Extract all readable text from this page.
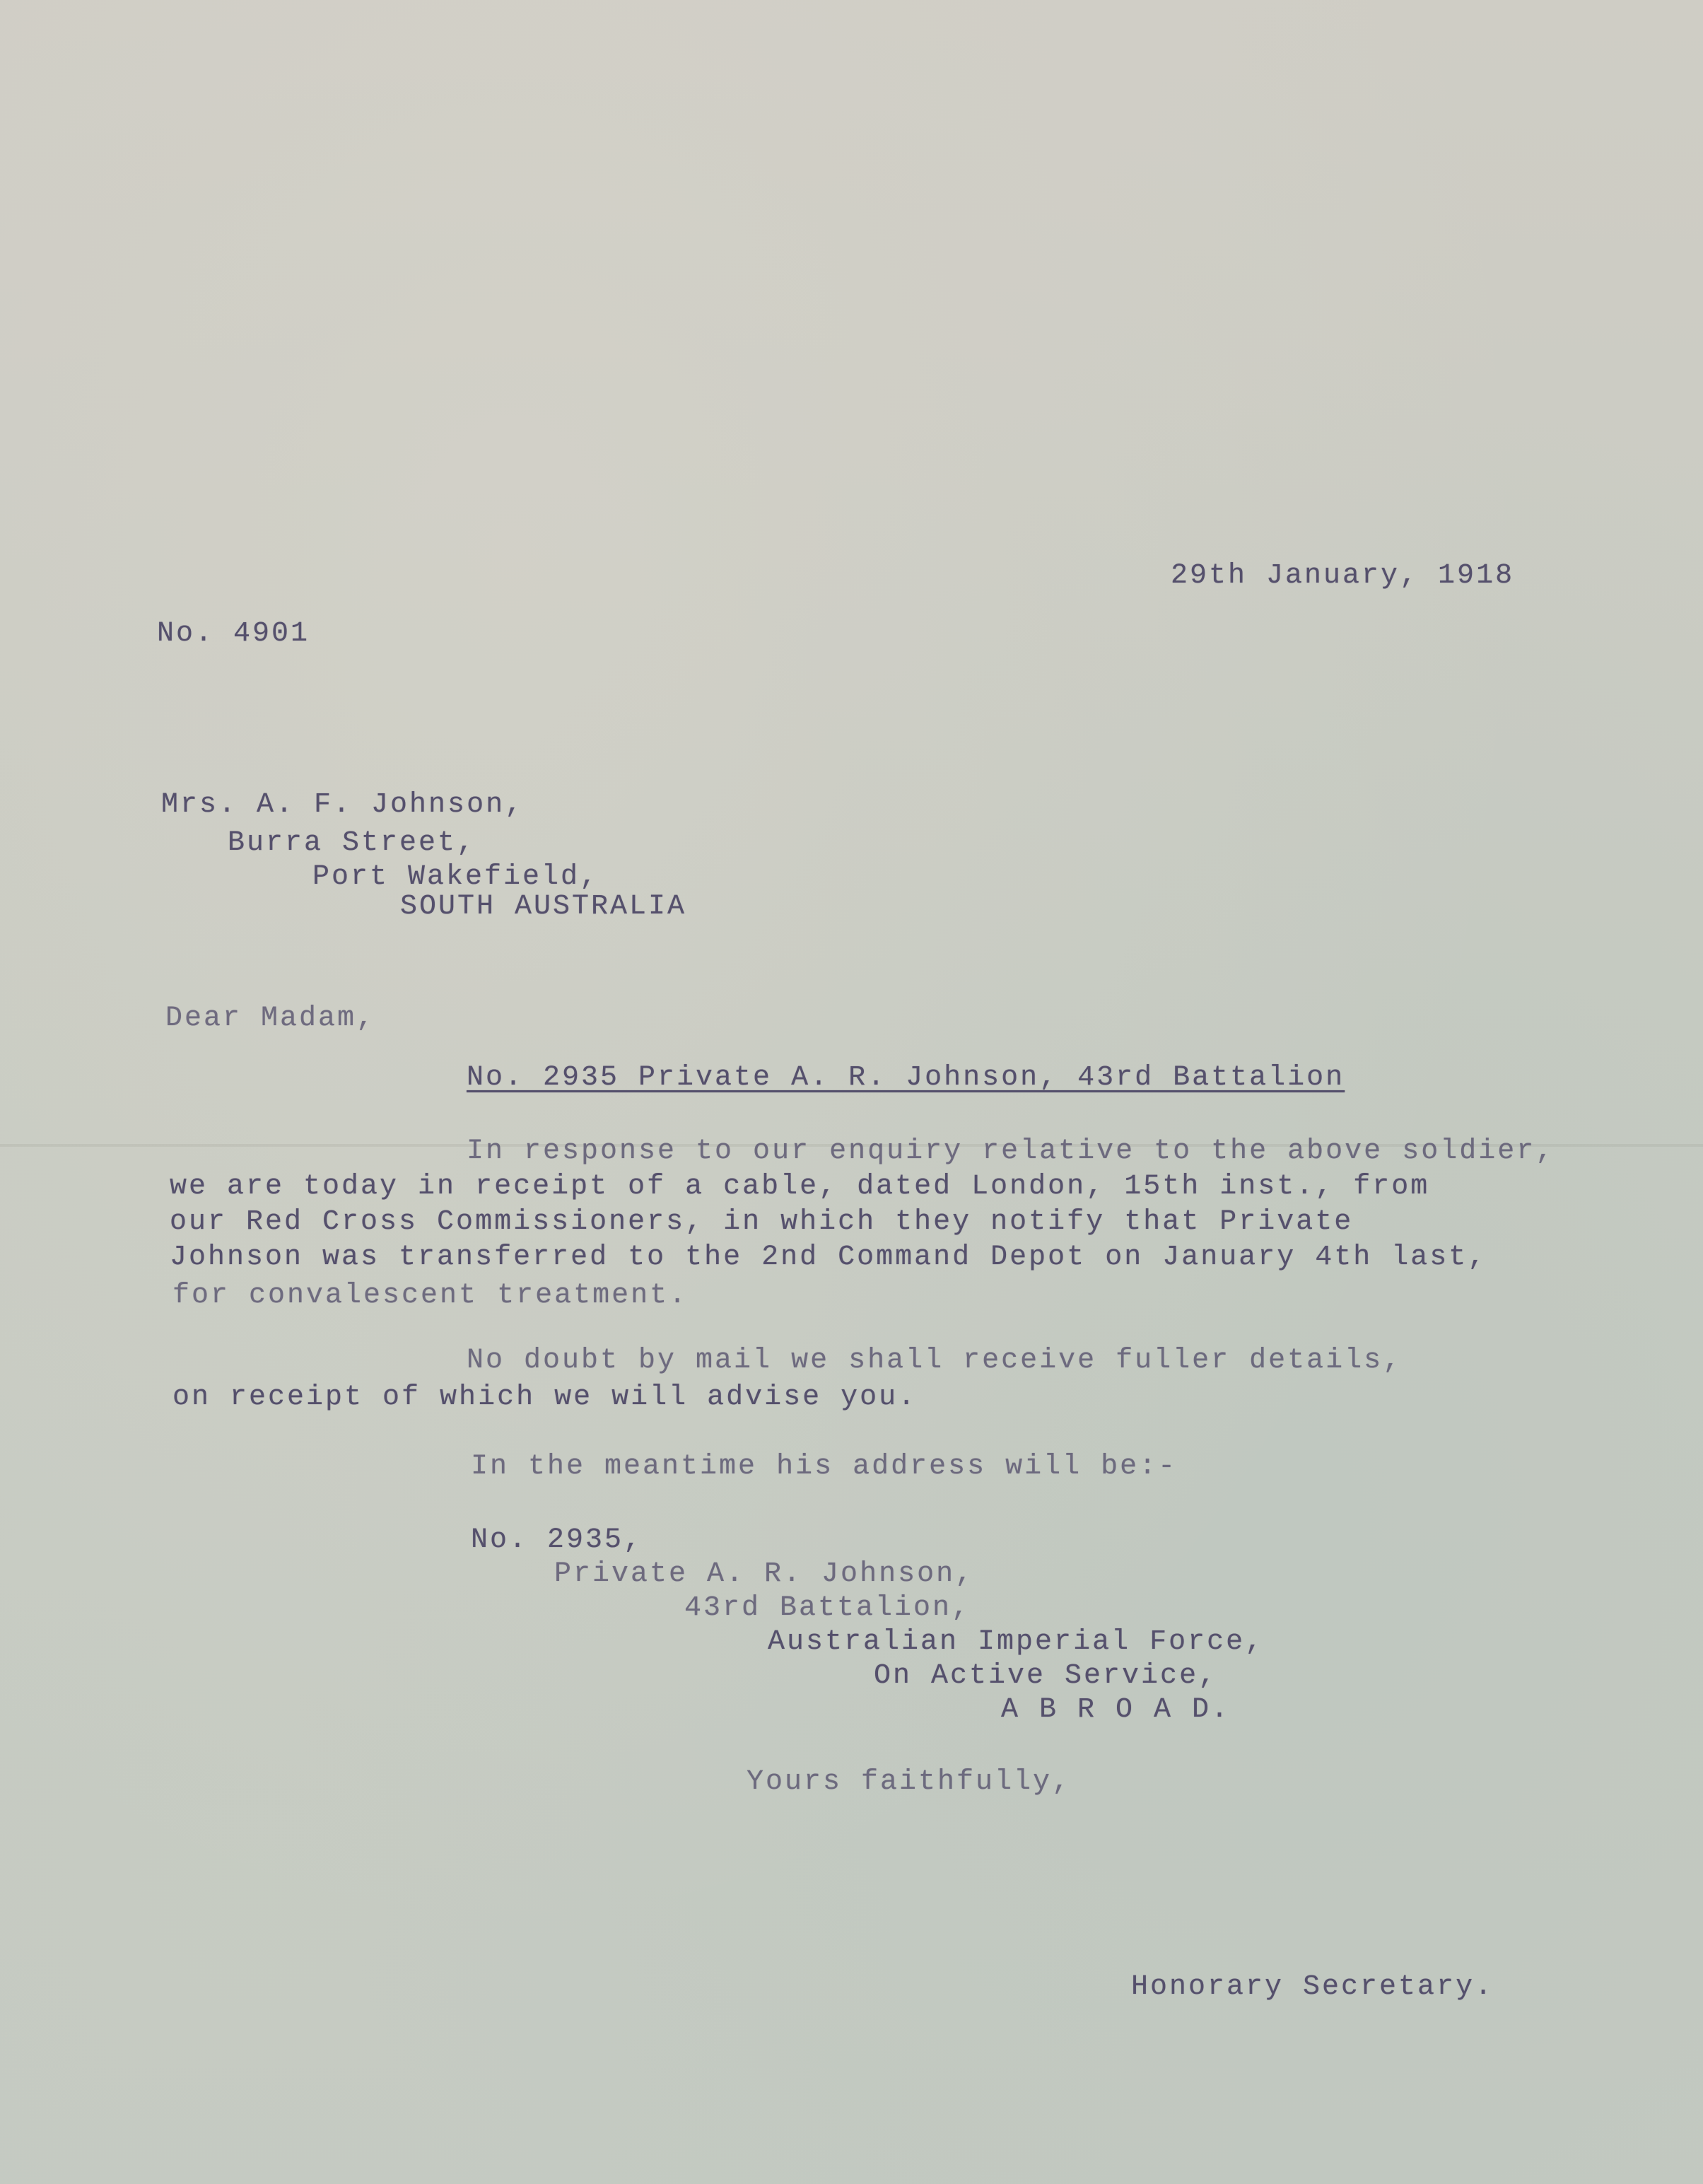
29th January, 1918

No. 4901

Mrs. A. F. Johnson,

Burra Street,

Port Wakefield,

SOUTH AUSTRALIA

Dear Madam,

No. 2935 Private A. R. Johnson, 43rd Battalion

In response to our enquiry relative to the above soldier,

we are today in receipt of a cable, dated London, 15th inst., from

our Red Cross Commissioners, in which they notify that Private

Johnson was transferred to the 2nd Command Depot on January 4th last,

for convalescent treatment.

No doubt by mail we shall receive fuller details,

on receipt of which we will advise you.

In the meantime his address will be:-

No. 2935,

Private A. R. Johnson,

43rd Battalion,

Australian Imperial Force,

On Active Service,

A B R O A D.

Yours faithfully,

Honorary Secretary.
